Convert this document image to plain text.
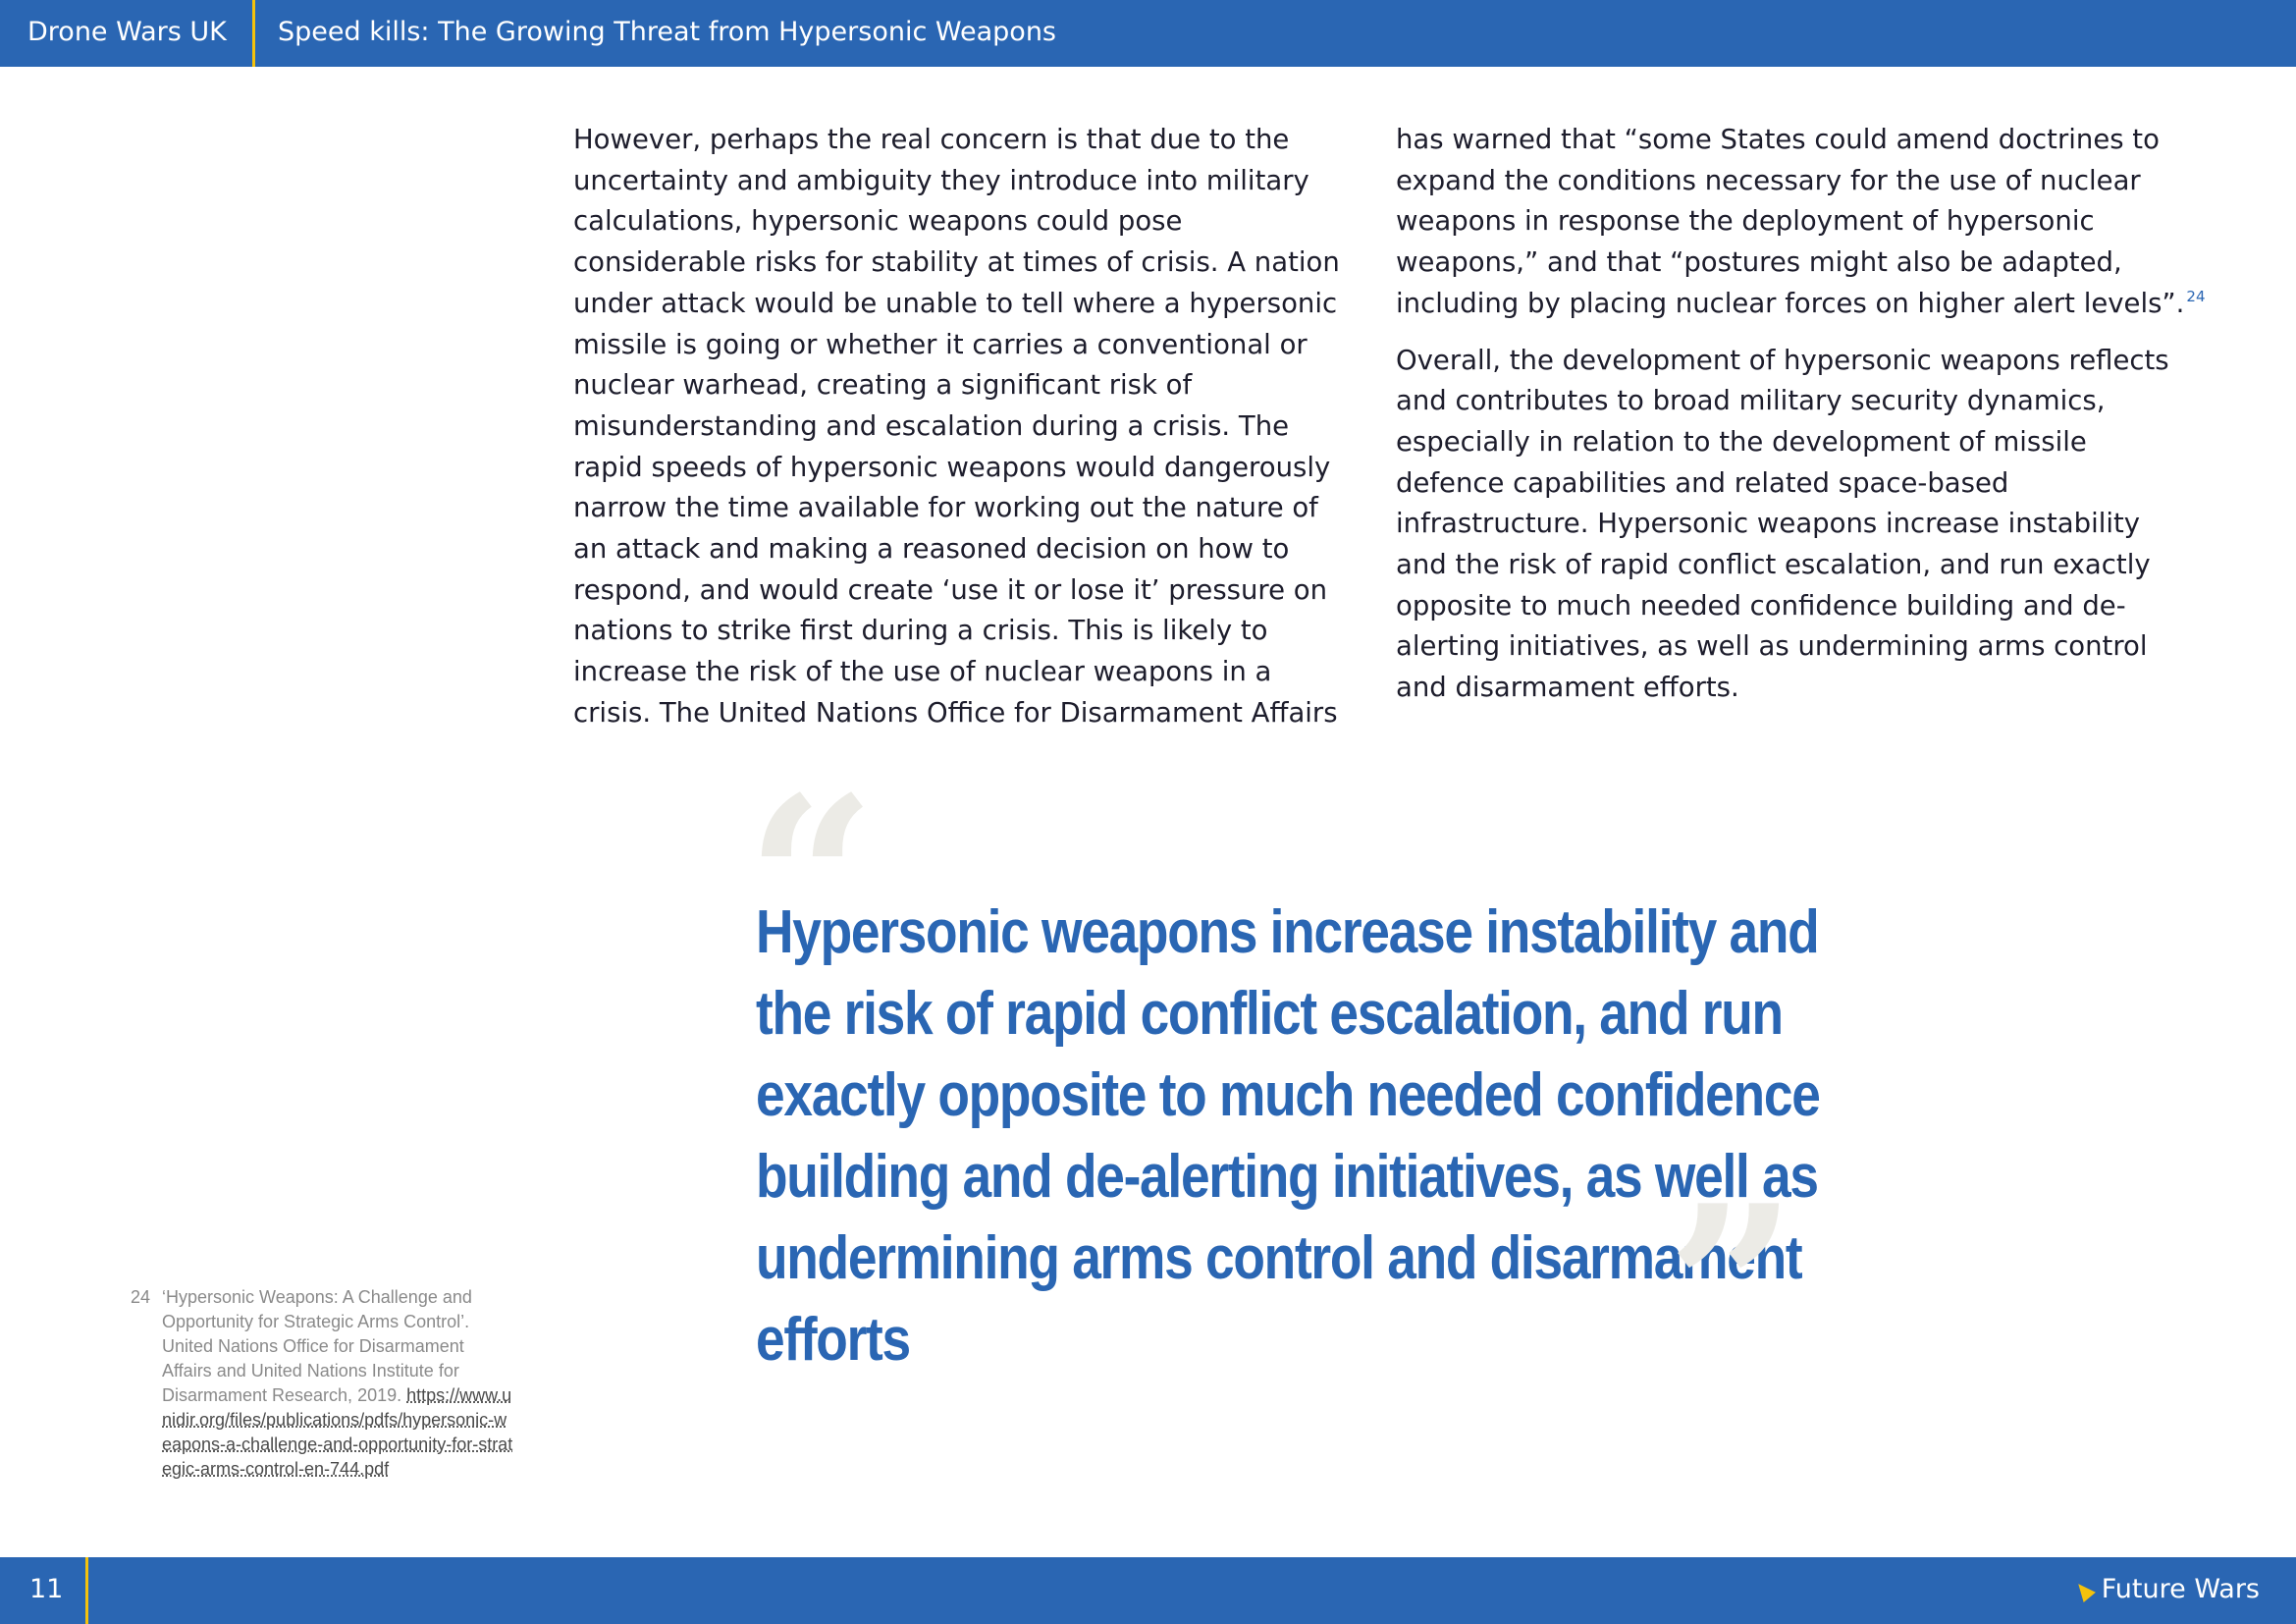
Drone Wars UK Speed kills: The Growing Threat from Hypersonic Weapons

However, perhaps the real concern is that due to the uncertainty and ambiguity they introduce into military calculations, hypersonic weapons could pose considerable risks for stability at times of crisis. A nation under attack would be unable to tell where a hypersonic missile is going or whether it carries a conventional or nuclear warhead, creating a significant risk of misunderstanding and escalation during a crisis. The rapid speeds of hypersonic weapons would dangerously narrow the time available for working out the nature of an attack and making a reasoned decision on how to respond, and would create ‘use it or lose it’ pressure on nations to strike first during a crisis. This is likely to increase the risk of the use of nuclear weapons in a crisis. The United Nations Office for Disarmament Affairs

has warned that “some States could amend doctrines to expand the conditions necessary for the use of nuclear weapons in response the deployment of hypersonic weapons,” and that “postures might also be adapted,
including by placing nuclear forces on higher alert levels”. $^{24}$

Overall, the development of hypersonic weapons reflects and contributes to broad military security dynamics, especially in relation to the development of missile defence capabilities and related space-based infrastructure. Hypersonic weapons increase instability and the risk of rapid conflict escalation, and run exactly opposite to much needed confidence building and de-alerting initiatives, as well as undermining arms control and disarmament efforts.

“

Hypersonic weapons increase instability and the risk of rapid conflict escalation, and run exactly opposite to much needed confidence building and de-alerting initiatives, as well as undermining arms control and disarmament efforts	”
24 ‘Hypersonic Weapons: A Challenge and Opportunity for Strategic Arms Control’. United Nations Office for Disarmament Affairs and United Nations Institute for Disarmament Research, 2019. https://www.unidir.org/files/publications/pdfs/hypersonic-weapons-a-challenge-and-opportunity-for-strategic-arms-control-en-744.pdf
11	Future Wars
